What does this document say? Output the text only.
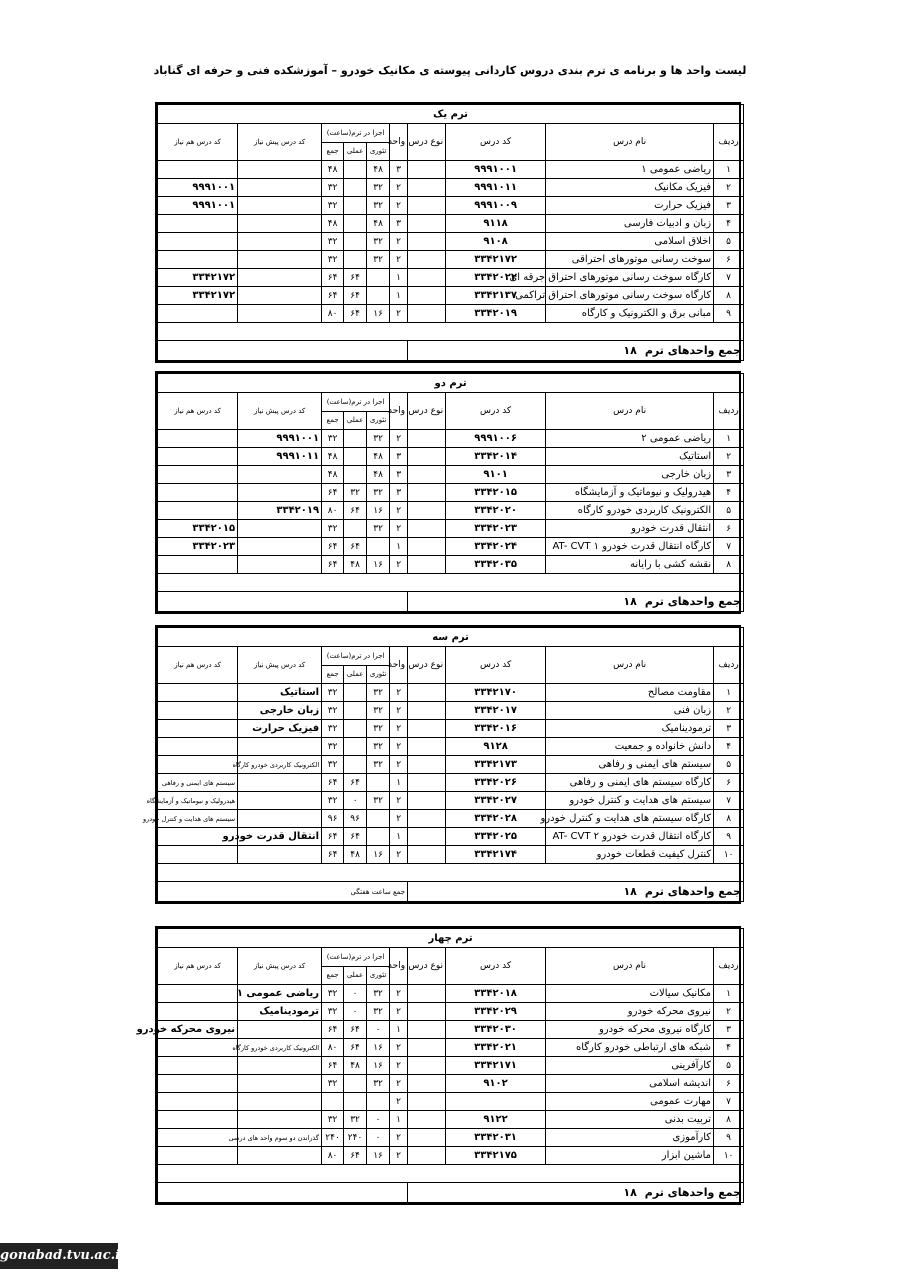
لیست واحد ها و برنامه ی ترم بندی دروس کاردانی پیوسته ی مکانیک خودرو – آموزشکده فنی و حرفه ای گناباد
ترم یک									
ردیف	نام درس	کد درس	نوع درس	واحد	اجرا در ترم(ساعت)			کد درس پیش نیاز	کد درس هم نیاز
					تئوری	عملی	جمع		
۱	ریاضی عمومی ۱	۹۹۹۱۰۰۱		۳	۴۸		۴۸		
۲	فیزیک مکانیک	۹۹۹۱۰۱۱		۲	۳۲		۳۲		۹۹۹۱۰۰۱
۳	فیزیک حرارت	۹۹۹۱۰۰۹		۲	۳۲		۳۲		۹۹۹۱۰۰۱
۴	زبان و ادبیات فارسی	۹۱۱۸		۳	۴۸		۴۸		
۵	اخلاق اسلامی	۹۱۰۸		۲	۳۲		۳۲		
۶	سوخت رسانی موتورهای احتراقی	۳۳۴۲۱۷۲		۲	۳۲		۳۲		
۷	کارگاه سوخت رسانی موتورهای احتراق جرقه ای	۳۳۴۲۰۲۲		۱		۶۴	۶۴		۳۳۴۲۱۷۲
۸	کارگاه سوخت رسانی موتورهای احتراق تراکمی	۳۳۴۲۱۳۷		۱		۶۴	۶۴		۳۳۴۲۱۷۲
۹	مبانی برق و الکترونیک و کارگاه	۳۳۴۲۰۱۹		۲	۱۶	۶۴	۸۰		

جمع واحدهای ترم۱۸									
ترم دو									
ردیف	نام درس	کد درس	نوع درس	واحد	اجرا در ترم(ساعت)			کد درس پیش نیاز	کد درس هم نیاز
					تئوری	عملی	جمع		
۱	ریاضی عمومی ۲	۹۹۹۱۰۰۶		۲	۳۲		۳۲	۹۹۹۱۰۰۱	
۲	استاتیک	۳۳۴۲۰۱۴		۳	۴۸		۴۸	۹۹۹۱۰۱۱	
۳	زبان خارجی	۹۱۰۱		۳	۴۸		۴۸		
۴	هیدرولیک و نیوماتیک و آزمایشگاه	۳۳۴۲۰۱۵		۳	۳۲	۳۲	۶۴		
۵	الکترونیک کاربردی خودرو کارگاه	۳۳۴۲۰۲۰		۲	۱۶	۶۴	۸۰	۳۳۴۲۰۱۹	
۶	انتقال قدرت خودرو	۳۳۴۲۰۲۳		۲	۳۲		۳۲		۳۳۴۲۰۱۵
۷	کارگاه انتقال قدرت خودرو ۱ AT- CVT	۳۳۴۲۰۲۴		۱		۶۴	۶۴		۳۳۴۲۰۲۳
۸	نقشه کشی با رایانه	۳۳۴۲۰۳۵		۲	۱۶	۴۸	۶۴		

جمع واحدهای ترم۱۸									
ترم سه									
ردیف	نام درس	کد درس	نوع درس	واحد	اجرا در ترم(ساعت)			کد درس پیش نیاز	کد درس هم نیاز
					تئوری	عملی	جمع		
۱	مقاومت مصالح	۳۳۴۲۱۷۰		۲	۳۲		۳۲	استاتیک	
۲	زبان فنی	۳۳۴۲۰۱۷		۲	۳۲		۳۲	زبان خارجی	
۳	ترمودینامیک	۳۳۴۲۰۱۶		۲	۳۲		۳۲	فیزیک حرارت	
۴	دانش خانواده و جمعیت	۹۱۲۸		۲	۳۲		۳۲		
۵	سیستم های ایمنی و رفاهی	۳۳۴۲۱۷۳		۲	۳۲		۳۲	الکترونیک کاربردی خودرو کارگاه	
۶	کارگاه سیستم های ایمنی و رفاهی	۳۳۴۲۰۲۶		۱		۶۴	۶۴		سیستم های ایمنی و رفاهی
۷	سیستم های هدایت و کنترل خودرو	۳۳۴۲۰۲۷		۲	۳۲	۰	۳۲		هیدرولیک و نیوماتیک و آزمایشگاه
۸	کارگاه سیستم های هدایت و کنترل خودرو	۳۳۴۲۰۲۸		۲		۹۶	۹۶		سیستم های هدایت و کنترل خودرو
۹	کارگاه انتقال قدرت خودرو ۲ AT- CVT	۳۳۴۲۰۲۵		۱		۶۴	۶۴	انتقال قدرت خودرو	
۱۰	کنترل کیفیت قطعات خودرو	۳۳۴۲۱۷۴		۲	۱۶	۴۸	۶۴		

جمع واحدهای ترم۱۸				جمع ساعت هفتگی					
ترم چهار									
ردیف	نام درس	کد درس	نوع درس	واحد	اجرا در ترم(ساعت)			کد درس پیش نیاز	کد درس هم نیاز
					تئوری	عملی	جمع		
۱	مکانیک سیالات	۳۳۴۲۰۱۸		۲	۳۲	۰	۳۲	ریاضی عمومی ۱	
۲	نیروی محرکه خودرو	۳۳۴۲۰۲۹		۲	۳۲	۰	۳۲	ترمودینامیک	
۳	کارگاه نیروی محرکه خودرو	۳۳۴۲۰۳۰		۱	۰	۶۴	۶۴		نیروی محرکه خودرو
۴	شبکه های ارتباطی خودرو کارگاه	۳۳۴۲۰۲۱		۲	۱۶	۶۴	۸۰	الکترونیک کاربردی خودرو کارگاه	
۵	کارآفرینی	۳۳۴۲۱۷۱		۲	۱۶	۴۸	۶۴		
۶	اندیشه اسلامی	۹۱۰۲		۲	۳۲		۳۲		
۷	مهارت عمومی			۲					
۸	تربیت بدنی	۹۱۲۲		۱	۰	۳۲	۳۲		
۹	کارآموزی	۳۳۴۲۰۳۱		۲	۰	۲۴۰	۲۴۰	گذراندن دو سوم واحد های درسی	
۱۰	ماشین ابزار	۳۳۴۲۱۷۵		۲	۱۶	۶۴	۸۰		

جمع واحدهای ترم۱۸									
gonabad.tvu.ac.ir
